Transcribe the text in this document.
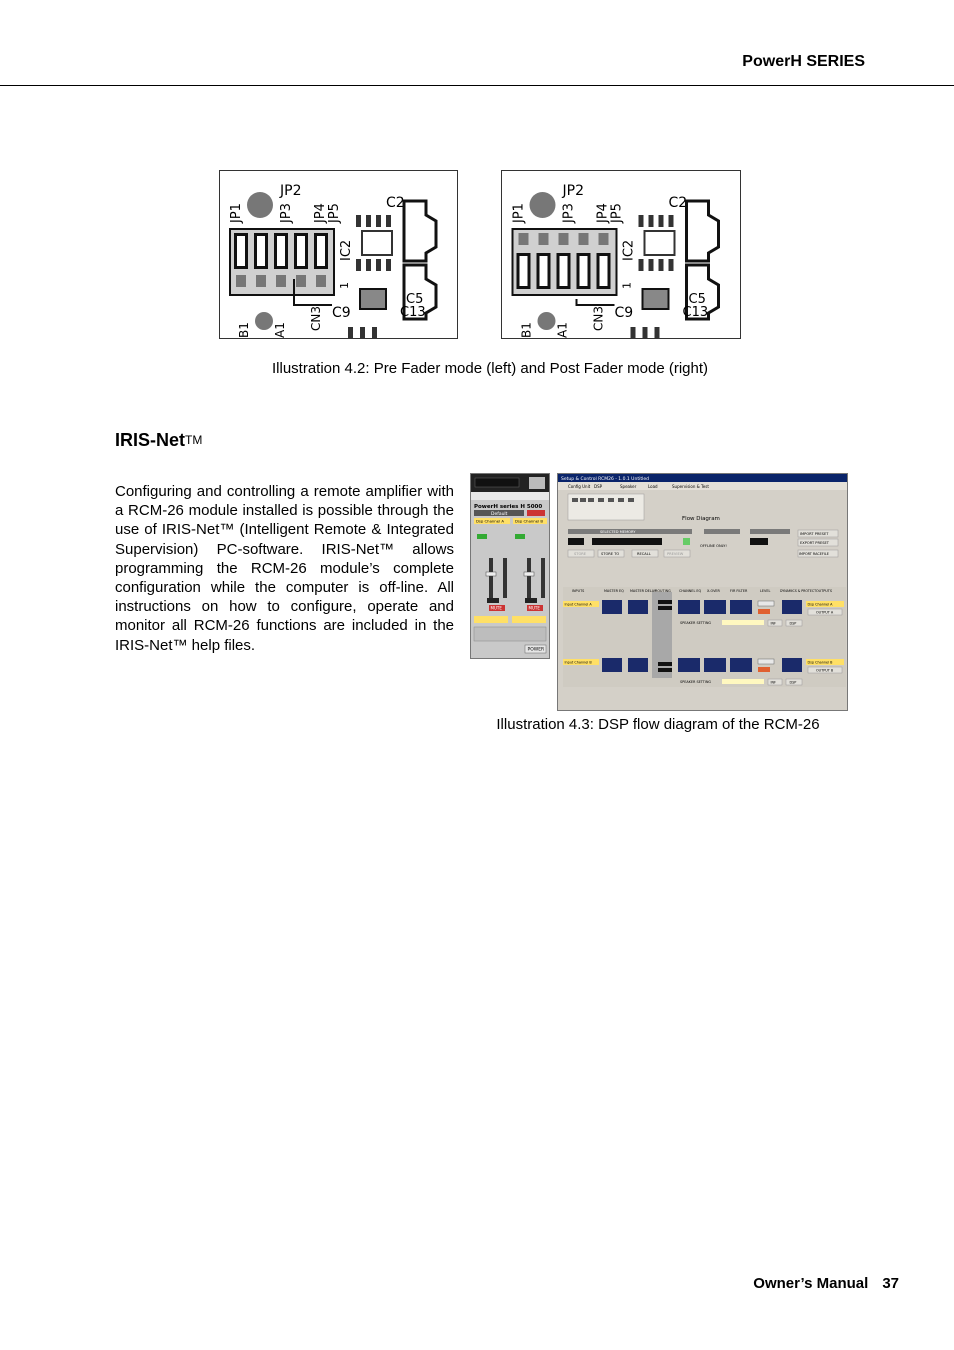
PowerH SERIES
JP2
JP1	JP3 JP4 JP5
C2
IC2
1
C9
C5
C13
CN3
B1 A1
JP2
JP1	JP3 JP4 JP5
C2
IC2
1
C9
C5
C13
CN3
B1 A1
Illustration 4.2: Pre Fader mode (left) and Post Fader mode (right)
IRIS-NetTM
Configuring and controlling a remote amplifier with a RCM-26 module installed is possible through the use of IRIS-Net™ (Intelligent Remote & Integrated Supervision) PC-software. IRIS-Net™ allows programming the RCM-26 module’s complete configuration while the computer is off-line. All instructions on how to configure, operate and monitor all RCM-26 functions are included in the IRIS-Net™ help files.
PowerH series H 5000
Default
Dsp Channel A	Dsp Channel B
MUTE	MUTE
POWER
Setup & Control RCM26 - 1.0.1 Untitled
Config Unit DSP	Speaker	Load	Supervision & Test
Flow Diagram
SELECTED MEMORY
STORE	STORE TO	RECALL	PREVIEW
OFFLINE ONLY!
IMPORT PRESET
EXPORT PRESET
IMPORT RACEFILE
INPUTS	MASTER EQ MASTER DELAY ROUTING CHANNEL EQ X-OVER	FIR FILTER	LEVEL	DYNAMICS & PROTECT OUTPUTS
Input Channel A	Dsp Channel A
OUTPUT A
SPEAKER SETTING	INF	DSP
Input Channel B	Dsp Channel B
OUTPUT B
SPEAKER SETTING	INF	DSP
Illustration 4.3: DSP flow diagram of the RCM-26
Owner’s Manual 37
